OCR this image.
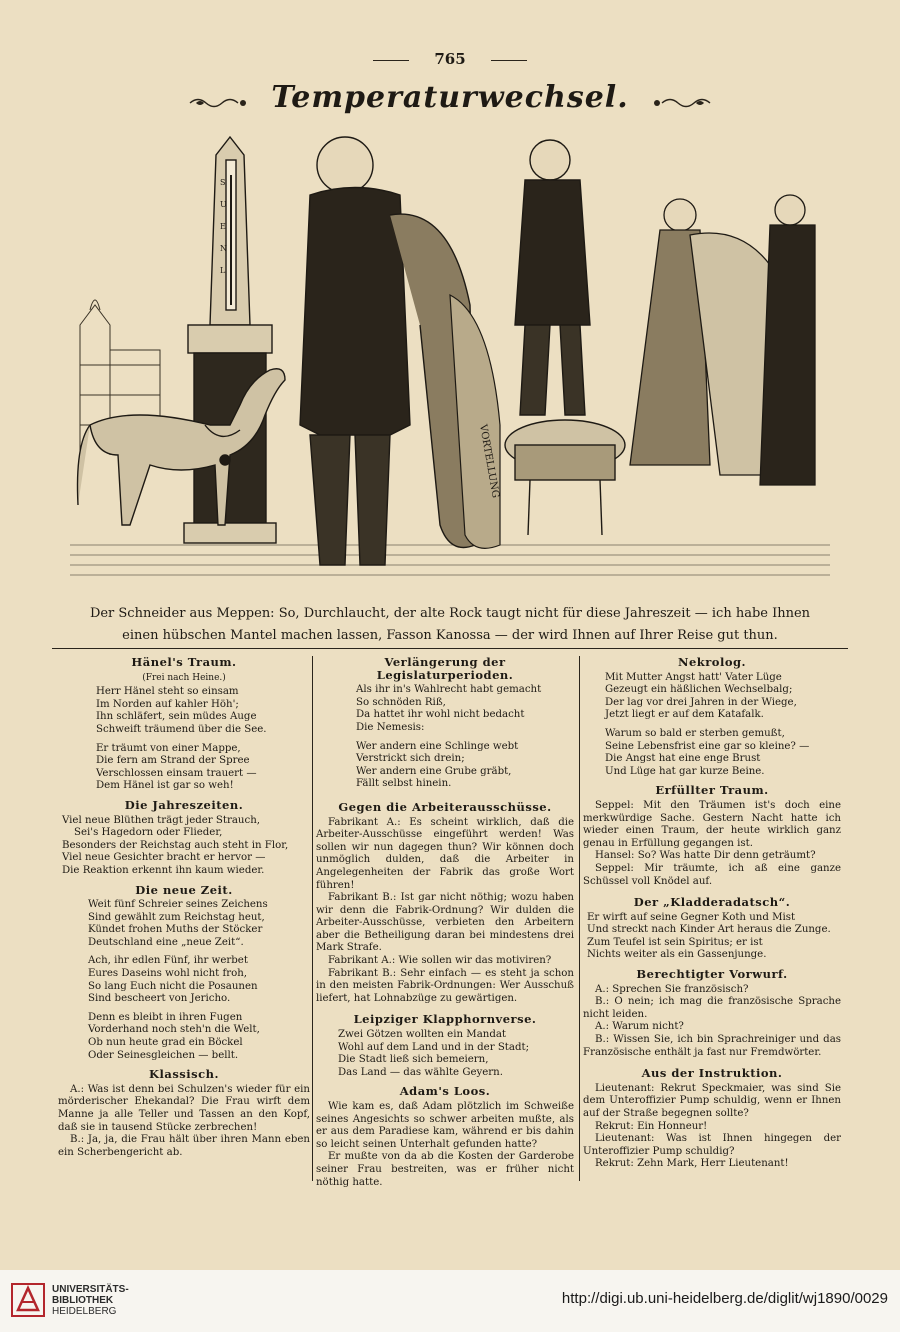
765
Temperaturwechsel.
S
U
E
N
L
VORTELLUNG
Der Schneider aus Meppen: So, Durchlaucht, der alte Rock taugt nicht für diese Jahreszeit — ich habe Ihnen
einen hübschen Mantel machen lassen, Fasson Kanossa — der wird Ihnen auf Ihrer Reise gut thun.
Hänel's Traum.
(Frei nach Heine.)
Herr Hänel steht so einsam
Im Norden auf kahler Höh';
Ihn schläfert, sein müdes Auge
Schweift träumend über die See.
Er träumt von einer Mappe,
Die fern am Strand der Spree
Verschlossen einsam trauert —
Dem Hänel ist gar so weh!
Die Jahreszeiten.
Viel neue Blüthen trägt jeder Strauch,
Sei's Hagedorn oder Flieder,
Besonders der Reichstag auch steht in Flor,
Viel neue Gesichter bracht er hervor —
Die Reaktion erkennt ihn kaum wieder.
Die neue Zeit.
Weit fünf Schreier seines Zeichens
Sind gewählt zum Reichstag heut,
Kündet frohen Muths der Stöcker
Deutschland eine „neue Zeit“.
Ach, ihr edlen Fünf, ihr werbet
Eures Daseins wohl nicht froh,
So lang Euch nicht die Posaunen
Sind bescheert von Jericho.
Denn es bleibt in ihren Fugen
Vorderhand noch steh'n die Welt,
Ob nun heute grad ein Böckel
Oder Seinesgleichen — bellt.
Klassisch.

A.: Was ist denn bei Schulzen's wieder für ein mörderischer Ehekandal? Die Frau wirft dem Manne ja alle Teller und Tassen an den Kopf, daß sie in tausend Stücke zerbrechen!

B.: Ja, ja, die Frau hält über ihren Mann eben ein Scherbengericht ab.

Verlängerung der Legislaturperioden.
Als ihr in's Wahlrecht habt gemacht
So schnöden Riß,
Da hattet ihr wohl nicht bedacht
Die Nemesis:
Wer andern eine Schlinge webt
Verstrickt sich drein;
Wer andern eine Grube gräbt,
Fällt selbst hinein.
Gegen die Arbeiterausschüsse.

Fabrikant A.: Es scheint wirklich, daß die Arbeiter-Ausschüsse eingeführt werden! Was sollen wir nun dagegen thun? Wir können doch unmöglich dulden, daß die Arbeiter in Angelegenheiten der Fabrik das große Wort führen!

Fabrikant B.: Ist gar nicht nöthig; wozu haben wir denn die Fabrik-Ordnung? Wir dulden die Arbeiter-Ausschüsse, verbieten den Arbeitern aber die Betheiligung daran bei mindestens drei Mark Strafe.

Fabrikant A.: Wie sollen wir das motiviren?

Fabrikant B.: Sehr einfach — es steht ja schon in den meisten Fabrik-Ordnungen: Wer Ausschuß liefert, hat Lohnabzüge zu gewärtigen.

Leipziger Klapphornverse.
Zwei Götzen wollten ein Mandat
Wohl auf dem Land und in der Stadt;
Die Stadt ließ sich bemeiern,
Das Land — das wählte Geyern.
Adam's Loos.

Wie kam es, daß Adam plötzlich im Schweiße seines Angesichts so schwer arbeiten mußte, als er aus dem Paradiese kam, während er bis dahin so leicht seinen Unterhalt gefunden hatte?

Er mußte von da ab die Kosten der Garderobe seiner Frau bestreiten, was er früher nicht nöthig hatte.

Nekrolog.
Mit Mutter Angst hatt' Vater Lüge
Gezeugt ein häßlichen Wechselbalg;
Der lag vor drei Jahren in der Wiege,
Jetzt liegt er auf dem Katafalk.
Warum so bald er sterben gemußt,
Seine Lebensfrist eine gar so kleine? —
Die Angst hat eine enge Brust
Und Lüge hat gar kurze Beine.
Erfüllter Traum.

Seppel: Mit den Träumen ist's doch eine merkwürdige Sache. Gestern Nacht hatte ich wieder einen Traum, der heute wirklich ganz genau in Erfüllung gegangen ist.

Hansel: So? Was hatte Dir denn geträumt?

Seppel: Mir träumte, ich aß eine ganze Schüssel voll Knödel auf.

Der „Kladderadatsch“.
Er wirft auf seine Gegner Koth und Mist
Und streckt nach Kinder Art heraus die Zunge.
Zum Teufel ist sein Spiritus; er ist
Nichts weiter als ein Gassenjunge.
Berechtigter Vorwurf.

A.: Sprechen Sie französisch?

B.: O nein; ich mag die französische Sprache nicht leiden.

A.: Warum nicht?

B.: Wissen Sie, ich bin Sprachreiniger und das Französische enthält ja fast nur Fremdwörter.

Aus der Instruktion.

Lieutenant: Rekrut Speckmaier, was sind Sie dem Unteroffizier Pump schuldig, wenn er Ihnen auf der Straße begegnen sollte?

Rekrut: Ein Honneur!

Lieutenant: Was ist Ihnen hingegen der Unteroffizier Pump schuldig?

Rekrut: Zehn Mark, Herr Lieutenant!

UNIVERSITÄTS-
BIBLIOTHEK
HEIDELBERG
http://digi.ub.uni-heidelberg.de/diglit/wj1890/0029
